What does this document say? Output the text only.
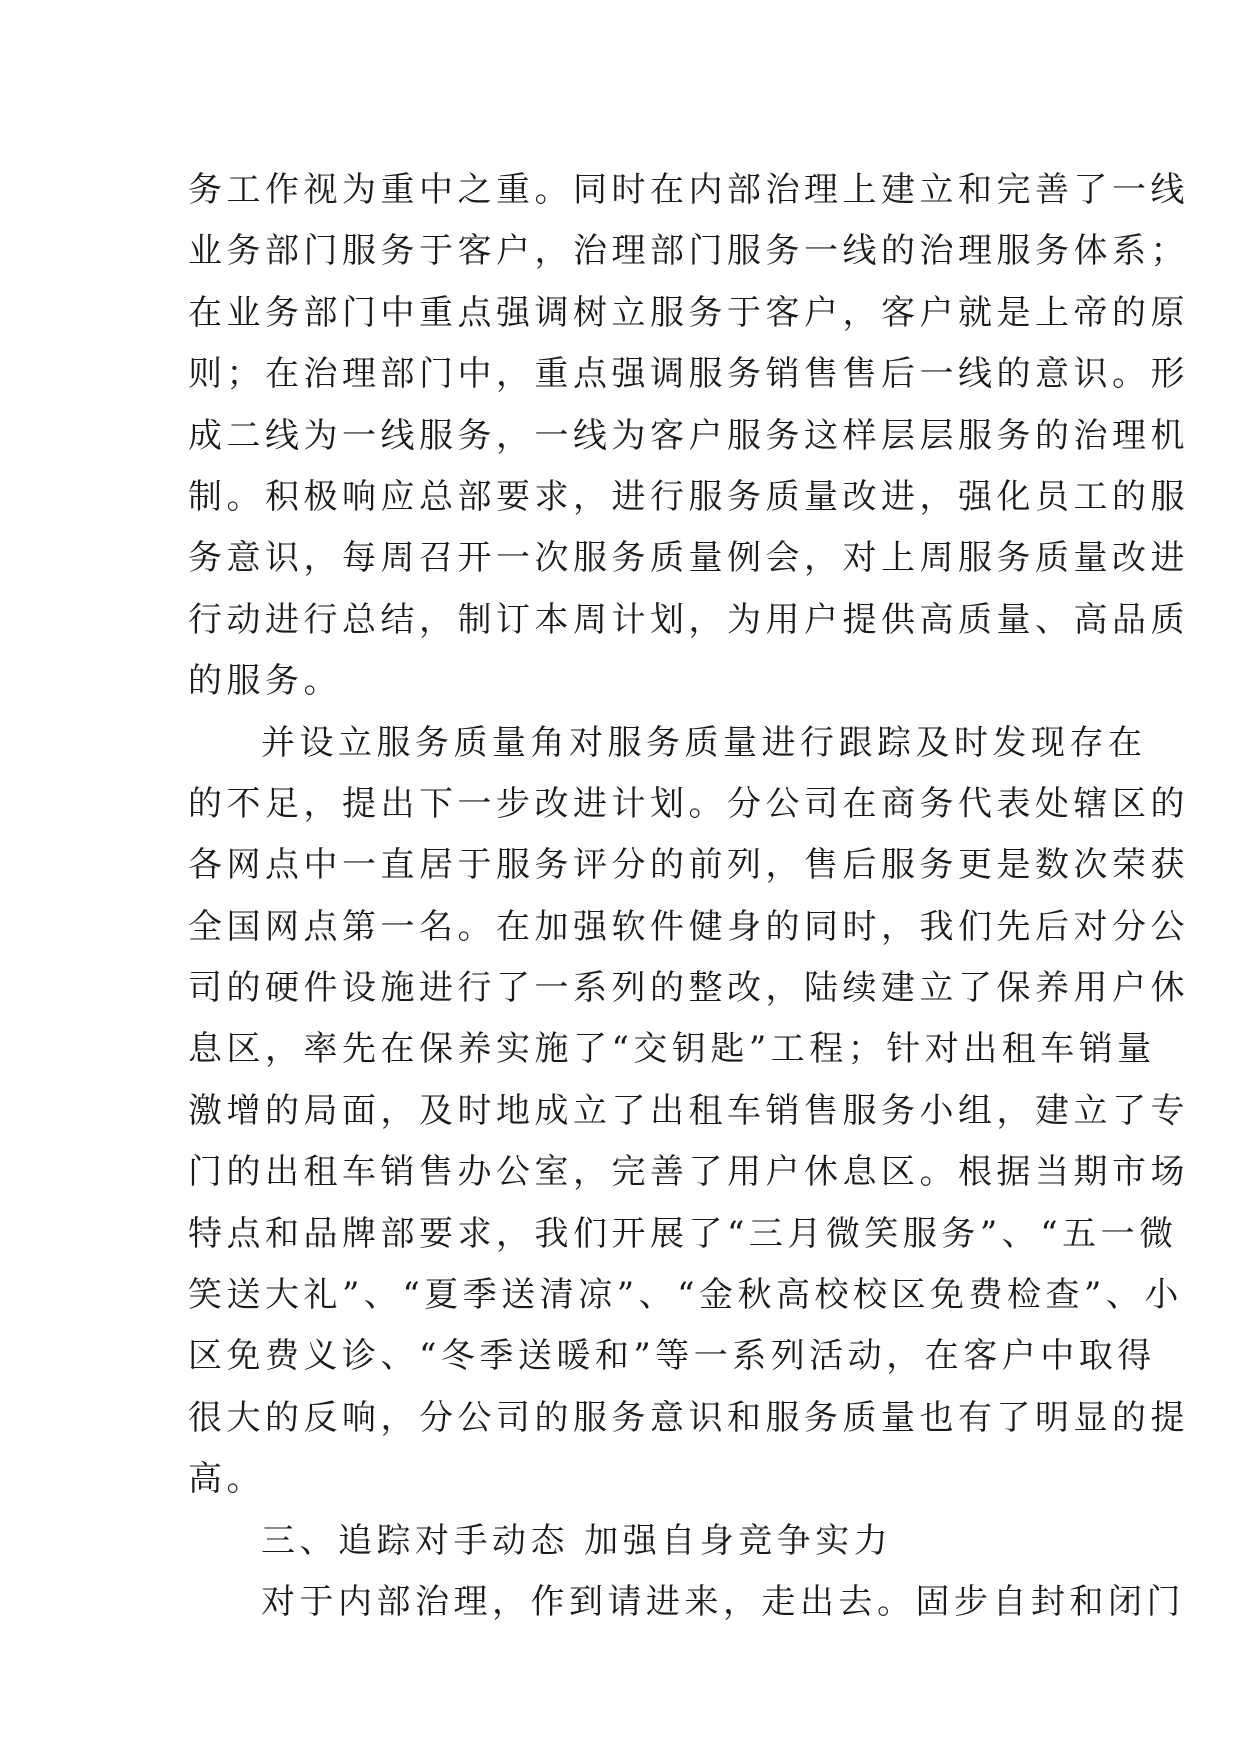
务工作视为重中之重。同时在内部治理上建立和完善了一线
业务部门服务于客户，治理部门服务一线的治理服务体系；
在业务部门中重点强调树立服务于客户，客户就是上帝的原
则；在治理部门中，重点强调服务销售售后一线的意识。形
成二线为一线服务，一线为客户服务这样层层服务的治理机
制。积极响应总部要求，进行服务质量改进，强化员工的服
务意识，每周召开一次服务质量例会，对上周服务质量改进
行动进行总结，制订本周计划，为用户提供高质量、高品质
的服务。
并设立服务质量角对服务质量进行跟踪及时发现存在
的不足，提出下一步改进计划。分公司在商务代表处辖区的
各网点中一直居于服务评分的前列，售后服务更是数次荣获
全国网点第一名。在加强软件健身的同时，我们先后对分公
司的硬件设施进行了一系列的整改，陆续建立了保养用户休
息区，率先在保养实施了“交钥匙”工程；针对出租车销量
激增的局面，及时地成立了出租车销售服务小组，建立了专
门的出租车销售办公室，完善了用户休息区。根据当期市场
特点和品牌部要求，我们开展了“三月微笑服务”、“五一微
笑送大礼”、“夏季送清凉”、“金秋高校校区免费检查”、小
区免费义诊、“冬季送暖和”等一系列活动，在客户中取得
很大的反响，分公司的服务意识和服务质量也有了明显的提
高。
三、追踪对手动态 加强自身竞争实力
对于内部治理，作到请进来，走出去。固步自封和闭门
